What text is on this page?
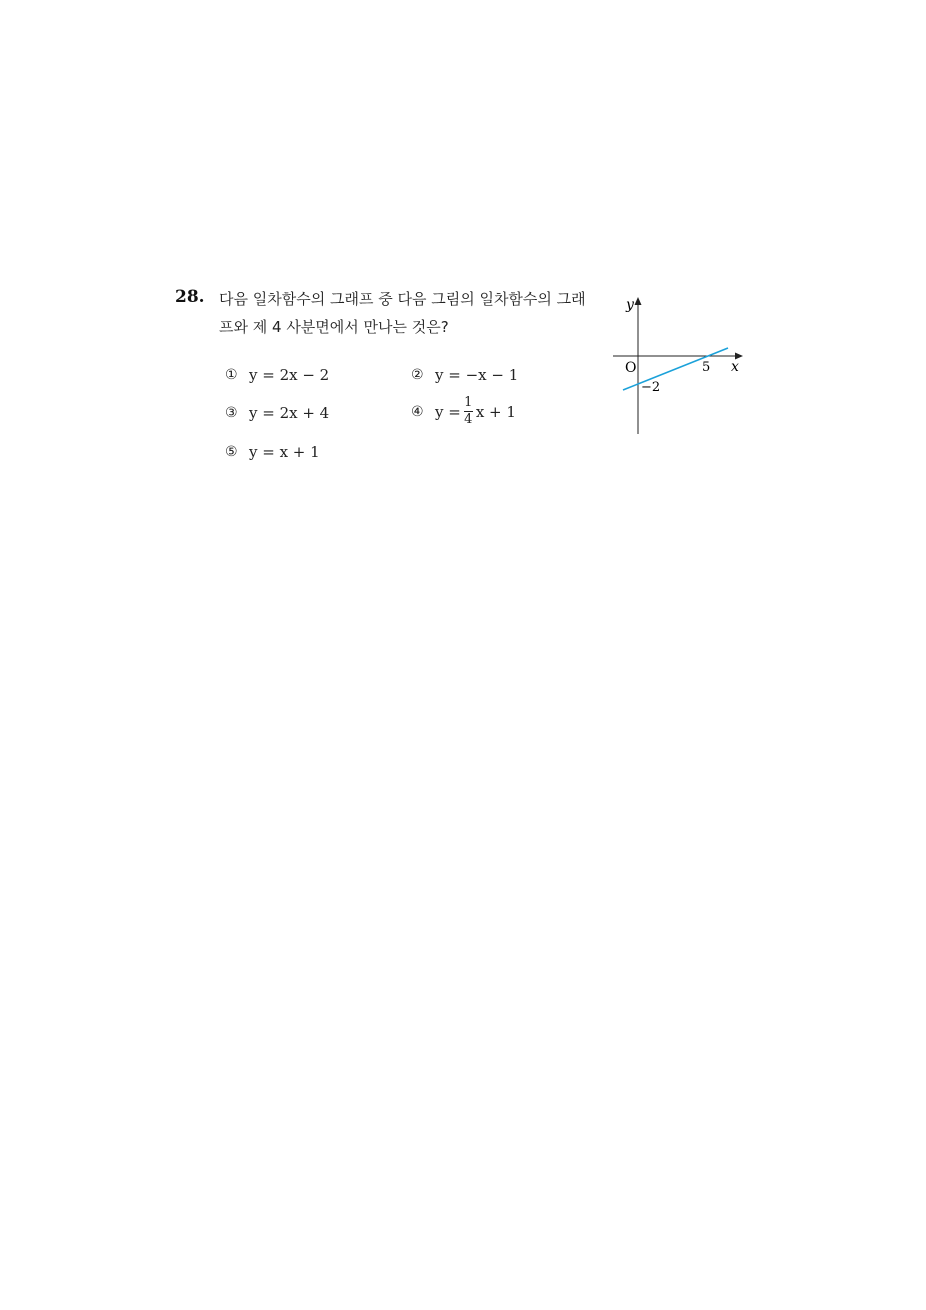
28. 다음 일차함수의 그래프 중 다음 그림의 일차함수의 그래
프와 제 4 사분면에서 만나는 것은?
① y = 2x − 2	② y = −x − 1
③ y = 2x + 4	④ $y = \frac{1}{4}$ x + 1
⑤ y = x + 1
y
x
O	5
−2
